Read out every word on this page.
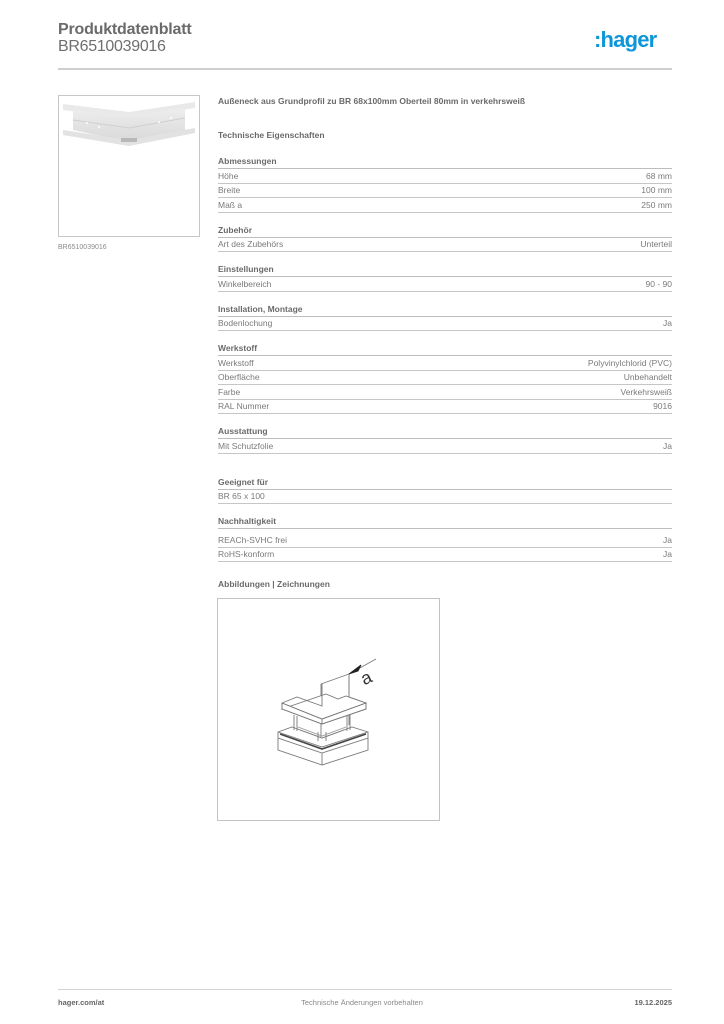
Produktdatenblatt
BR6510039016	:hager
BR6510039016
Außeneck aus Grundprofil zu BR 68x100mm Oberteil 80mm in verkehrsweiß
Technische Eigenschaften
Abmessungen
Höhe	68 mm
Breite	100 mm
Maß a	250 mm
Zubehör
Art des Zubehörs	Unterteil
Einstellungen
Winkelbereich	90 - 90
Installation, Montage
Bodenlochung	Ja
Werkstoff
Werkstoff	Polyvinylchlorid (PVC)
Oberfläche	Unbehandelt
Farbe	Verkehrsweiß
RAL Nummer	9016
Ausstattung
Mit Schutzfolie	Ja
Geeignet für
BR 65 x 100
Nachhaltigkeit
REACh-SVHC frei	Ja
RoHS-konform	Ja
Abbildungen | Zeichnungen
a
hager.com/at	Technische Änderungen vorbehalten	19.12.2025
